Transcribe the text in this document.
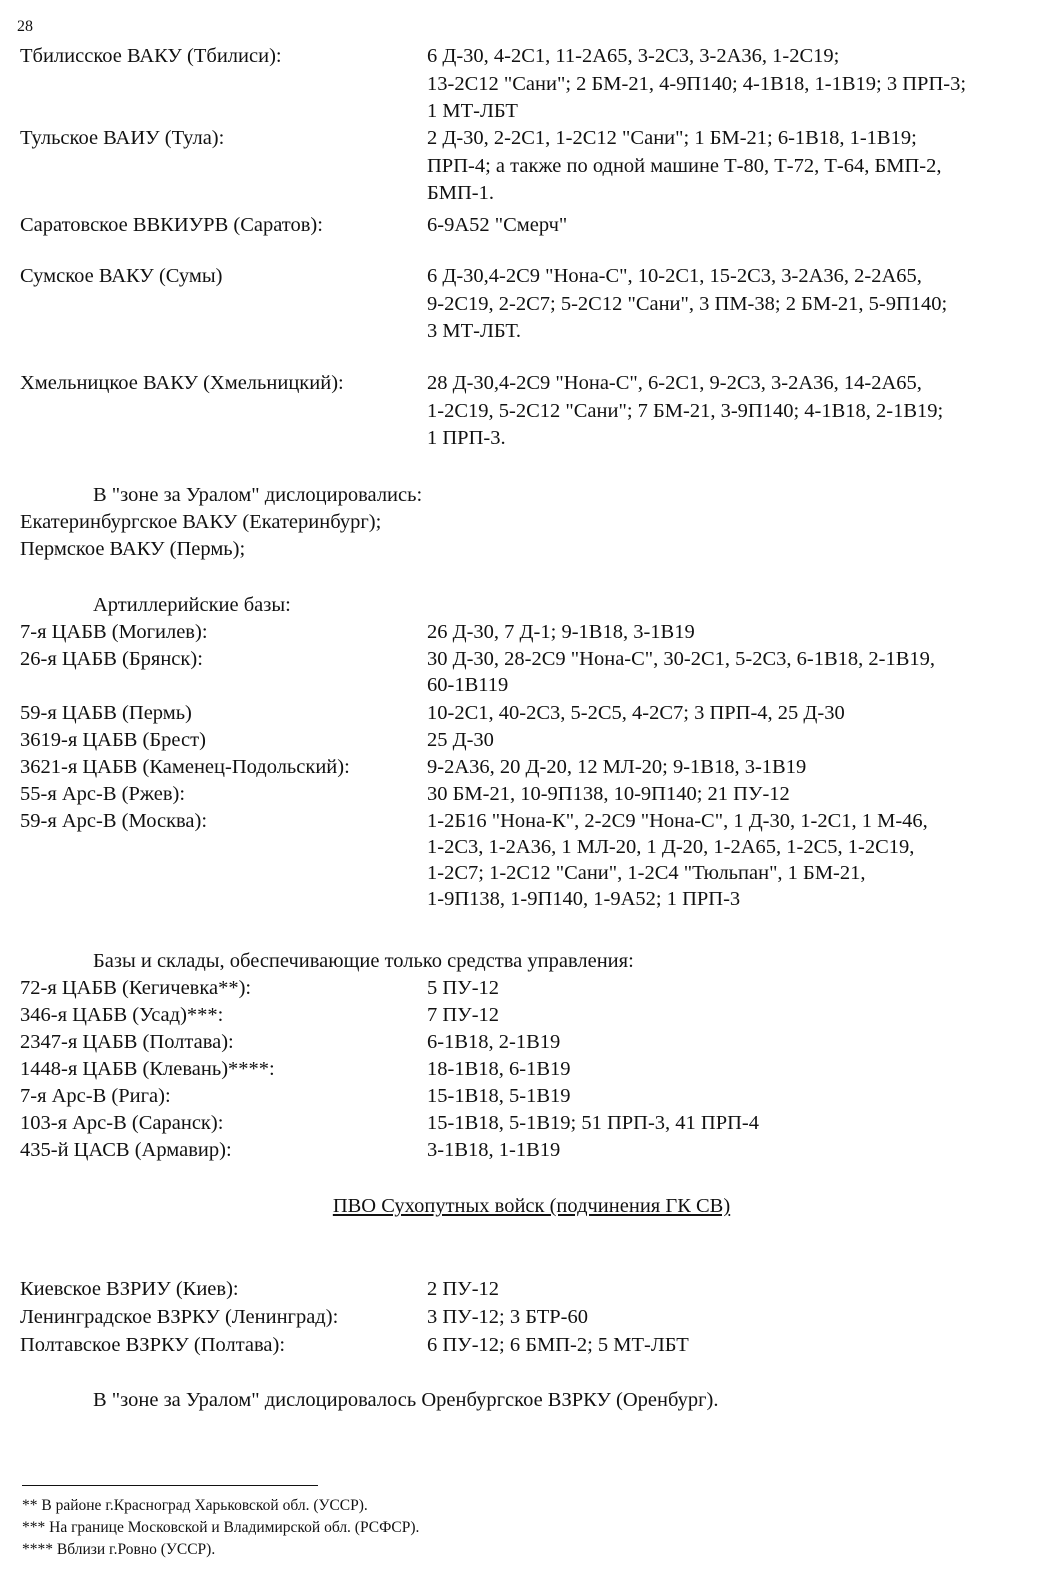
28
Тбилисское ВАКУ (Тбилиси):	6 Д-30, 4-2С1, 11-2А65, 3-2С3, 3-2А36, 1-2С19;
13-2С12 "Сани"; 2 БМ-21, 4-9П140; 4-1В18, 1-1В19; 3 ПРП-3;
1 МТ-ЛБТ
Тульское ВАИУ (Тула):	2 Д-30, 2-2С1, 1-2С12 "Сани"; 1 БМ-21; 6-1В18, 1-1В19;
ПРП-4; а также по одной машине Т-80, Т-72, Т-64, БМП-2,
БМП-1.
Саратовское ВВКИУРВ (Саратов):	6-9А52 "Смерч"
Сумское ВАКУ (Сумы)	6 Д-30,4-2С9 "Нона-С", 10-2С1, 15-2С3, 3-2А36, 2-2А65,
9-2С19, 2-2С7; 5-2С12 "Сани", 3 ПМ-38; 2 БМ-21, 5-9П140;
3 МТ-ЛБТ.
Хмельницкое ВАКУ (Хмельницкий):	28 Д-30,4-2С9 "Нона-С", 6-2С1, 9-2С3, 3-2А36, 14-2А65,
1-2С19, 5-2С12 "Сани"; 7 БМ-21, 3-9П140; 4-1В18, 2-1В19;
1 ПРП-3.
В "зоне за Уралом" дислоцировались:
Екатеринбургское ВАКУ (Екатеринбург);
Пермское ВАКУ (Пермь);
Артиллерийские базы:
7-я ЦАБВ (Могилев):	26 Д-30, 7 Д-1; 9-1В18, 3-1В19
26-я ЦАБВ (Брянск):	30 Д-30, 28-2С9 "Нона-С", 30-2С1, 5-2С3, 6-1В18, 2-1В19,
60-1В119
59-я ЦАБВ (Пермь)	10-2С1, 40-2С3, 5-2С5, 4-2С7; 3 ПРП-4, 25 Д-30
3619-я ЦАБВ (Брест)	25 Д-30
3621-я ЦАБВ (Каменец-Подольский):	9-2А36, 20 Д-20, 12 МЛ-20; 9-1В18, 3-1В19
55-я Арс-В (Ржев):	30 БМ-21, 10-9П138, 10-9П140; 21 ПУ-12
59-я Арс-В (Москва):	1-2Б16 "Нона-К", 2-2С9 "Нона-С", 1 Д-30, 1-2С1, 1 М-46,
1-2С3, 1-2А36, 1 МЛ-20, 1 Д-20, 1-2А65, 1-2С5, 1-2С19,
1-2С7; 1-2С12 "Сани", 1-2С4 "Тюльпан", 1 БМ-21,
1-9П138, 1-9П140, 1-9А52; 1 ПРП-3
Базы и склады, обеспечивающие только средства управления:
72-я ЦАБВ (Кегичевка**):	5 ПУ-12
346-я ЦАБВ (Усад)***:	7 ПУ-12
2347-я ЦАБВ (Полтава):	6-1В18, 2-1В19
1448-я ЦАБВ (Клевань)****:	18-1В18, 6-1В19
7-я Арс-В (Рига):	15-1В18, 5-1В19
103-я Арс-В (Саранск):	15-1В18, 5-1В19; 51 ПРП-3, 41 ПРП-4
435-й ЦАСВ (Армавир):	3-1В18, 1-1В19
ПВО Сухопутных войск (подчинения ГК СВ)
Киевское ВЗРИУ (Киев):	2 ПУ-12
Ленинградское ВЗРКУ (Ленинград):	3 ПУ-12; 3 БТР-60
Полтавское ВЗРКУ (Полтава):	6 ПУ-12; 6 БМП-2; 5 МТ-ЛБТ
В "зоне за Уралом" дислоцировалось Оренбургское ВЗРКУ (Оренбург).
** В районе г.Красноград Харьковской обл. (УССР).
*** На границе Московской и Владимирской обл. (РСФСР).
**** Вблизи г.Ровно (УССР).
